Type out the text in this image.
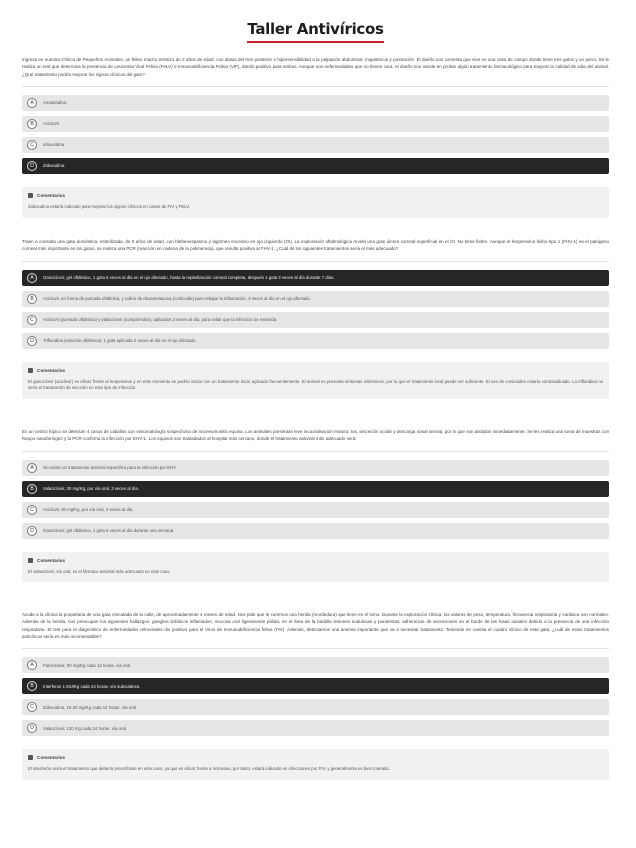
Taller Antivíricos

Ingresa en nuestra Clínica de Pequeños Animales, un felino macho mestizo de 2 años de edad, con alasia del tren posterior e hipersensibilidad a la palpación abdominal, inapetencia y postración. El dueño nos comenta que vive en una casa de campo donde tiene tres gatos y un perro. Se le realiza un test que determina la presencia de Leucemia Viral Felina (FeLV) e Inmunodeficiencia Felina (VIF), dando positivo para ambos. Aunque son enfermedades que no tienen cura, el dueño nos insiste en probar algún tratamiento farmacológico para mejorar la calidad de vida del animal. ¿Qué tratamiento podría mejorar los signos clínicos del gato?

A	Amantadina.
B	Aciclovir.
C	Idoxuridina.
D	Zidovudina.
Comentarios

Zidovudina estaría indicado para mejorar los signos clínicos en casos de FIV y FELV.

Traen a consulta una gata doméstica, esterilizada, de 5 años de edad, con blefaroespasmo y lagrimeo excesivo en ojo izquierdo (OI). La exploración oftalmológica revela una gran úlcera corneal superficial en el OI. No tiene fiebre. Aunque el herpesvirus felino tipo 1 (FHV-1) es el patógeno corneal más importante en los gatos, se realiza una PCR (reacción en cadena de la polimerasa), que resulta positiva al FHV-1. ¿Cuál de los siguientes tratamientos sería el más adecuado?

A	Ganciclovir, gel oftálmico, 1 gota 5 veces al día en el ojo afectado, hasta la repitelización corneal completa, después 1 gota 3 veces al día durante 7 días.
B	Aciclovir, en forma de pomada oftálmica, y colirio de dexametasona (corticoide) para rebajar la inflamación, 3 veces al día en el ojo afectado.
C	Aciclovir (pomada oftálmica) y valaciclovir (comprimidos), aplicados 3 veces al día, para evitar que la infección se extienda.
D	Trifluridina (solución oftálmica), 1 gota aplicada 2 veces al día en el ojo afectado.
Comentarios

El ganciclovir (aciclovir) es eficaz frente al herpesvirus y en este momento se podría iniciar con un tratamiento local, aplicado frecuentemente. El animal no presenta síntomas sistémicos, por lo que el tratamiento local puede ser suficiente. El uso de corticoides estaría contraindicado. La trifluridina no sería el tratamiento de elección en este tipo de infección.

En un centro hípico se detectan 4 casos de caballos con sintomatología sospechosa de rinoneumonitis equina. Los animales presentan leve incoordinación motora, tos, secreción ocular y descarga nasal serosa, por lo que son aislados inmediatamente. Se les realiza una toma de muestras con hisopo nasofaríngeo y la PCR confirma la infección por EHV-1. Los equinos son trasladados al hospital más cercano, donde el tratamiento antiviral más adecuado será:

A	No existe un tratamiento antiviral específico para la infección por EHV.
B	Valaciclovir, 30 mg/Kg, por vía oral, 3 veces al día.
C	Aciclovir, 30 mg/Kg, por vía oral, 3 veces al día.
D	Ganciclovir, gel oftálmico, 1 gota 5 veces al día durante una semana.
Comentarios

El valaciclovir, vía oral, es el fármaco antiviral más adecuado en este caso.

Acude a la clínica la propietaria de una gata rescatada de la calle, de aproximadamente 4 meses de edad. Nos pide que le curemos una herida (mordedura) que tiene en el lomo. Durante la exploración clínica, los valores de peso, temperatura, frecuencia respiratoria y cardiaca son normales. Además de la herida, nos preocupan los siguientes hallazgos: ganglios linfáticos inflamados; mucosa oral ligeramente pálida; en el área de la barbilla lesiones nodulosas y purulentas; adherencia de secreciones en el borde de las fosas nasales debido a la presencia de una infección respiratoria. El test para el diagnóstico de enfermedades retrovirales dio positivo para el Virus de Inmunodeficiencia felina (FIV). Además, detectamos una anemia importante que va a necesitar tratamiento. Teniendo en cuenta el cuadro clínico de esta gata, ¿cuál de estos tratamientos antivíricos sería es más recomendable?

A	Famciclovir, 90 mg/Kg cada 12 horas, vía oral.
B	Interferon 1 MU/Kg cada 24 horas, vía subcutánea.
C	Zidovudina, 10-20 mg/Kg cada 12 horas, vía oral.
D	Valaciclovir, 120 mg cada 24 horas, vía oral.
Comentarios

El interferón sería el tratamiento que debería prescribirse en este caso, ya que es eficaz frente a retrovirus, por tanto, estará indicado en infecciones por FIV, y generalmente es bien tolerado.
